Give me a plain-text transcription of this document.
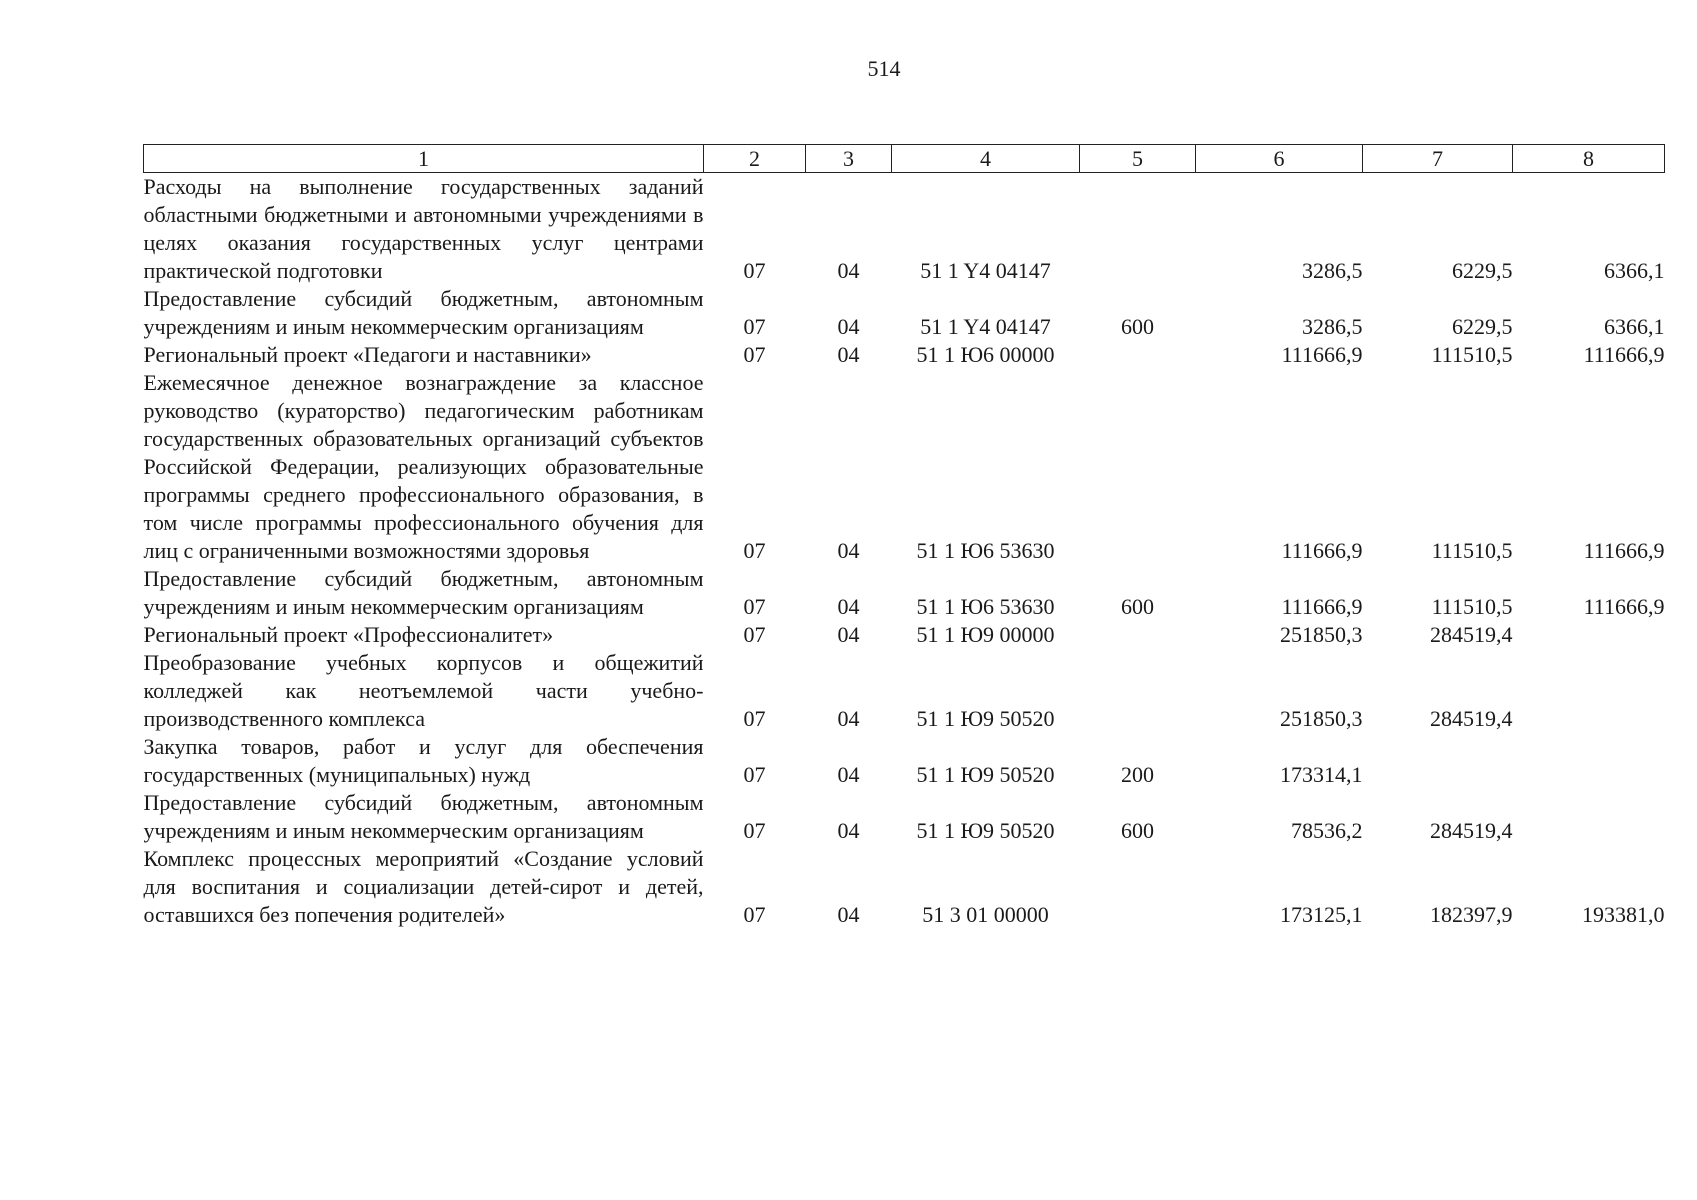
514
1	2	3	4	5	6	7	8
Расходы на выполнение государственных заданий областными бюджетными и автономными учреждениями в целях оказания государственных услуг центрами практической подготовки	07	04	51 1 Y4 04147		3286,5	6229,5	6366,1
Предоставление субсидий бюджетным, автономным учреждениям и иным некоммерческим организациям	07	04	51 1 Y4 04147	600	3286,5	6229,5	6366,1
Региональный проект «Педагоги и наставники»	07	04	51 1 Ю6 00000		111666,9	111510,5	111666,9
Ежемесячное денежное вознаграждение за классное руководство (кураторство) педагогическим работникам государственных образовательных организаций субъектов Российской Федерации, реализующих образовательные программы среднего профессионального образования, в том числе программы профессионального обучения для лиц с ограниченными возможностями здоровья	07	04	51 1 Ю6 53630		111666,9	111510,5	111666,9
Предоставление субсидий бюджетным, автономным учреждениям и иным некоммерческим организациям	07	04	51 1 Ю6 53630	600	111666,9	111510,5	111666,9
Региональный проект «Профессионалитет»	07	04	51 1 Ю9 00000		251850,3	284519,4	
Преобразование учебных корпусов и общежитий колледжей как неотъемлемой части учебно-производственного комплекса	07	04	51 1 Ю9 50520		251850,3	284519,4	
Закупка товаров, работ и услуг для обеспечения государственных (муниципальных) нужд	07	04	51 1 Ю9 50520	200	173314,1		
Предоставление субсидий бюджетным, автономным учреждениям и иным некоммерческим организациям	07	04	51 1 Ю9 50520	600	78536,2	284519,4	
Комплекс процессных мероприятий «Создание условий для воспитания и социализации детей-сирот и детей, оставшихся без попечения родителей»	07	04	51 3 01 00000		173125,1	182397,9	193381,0
